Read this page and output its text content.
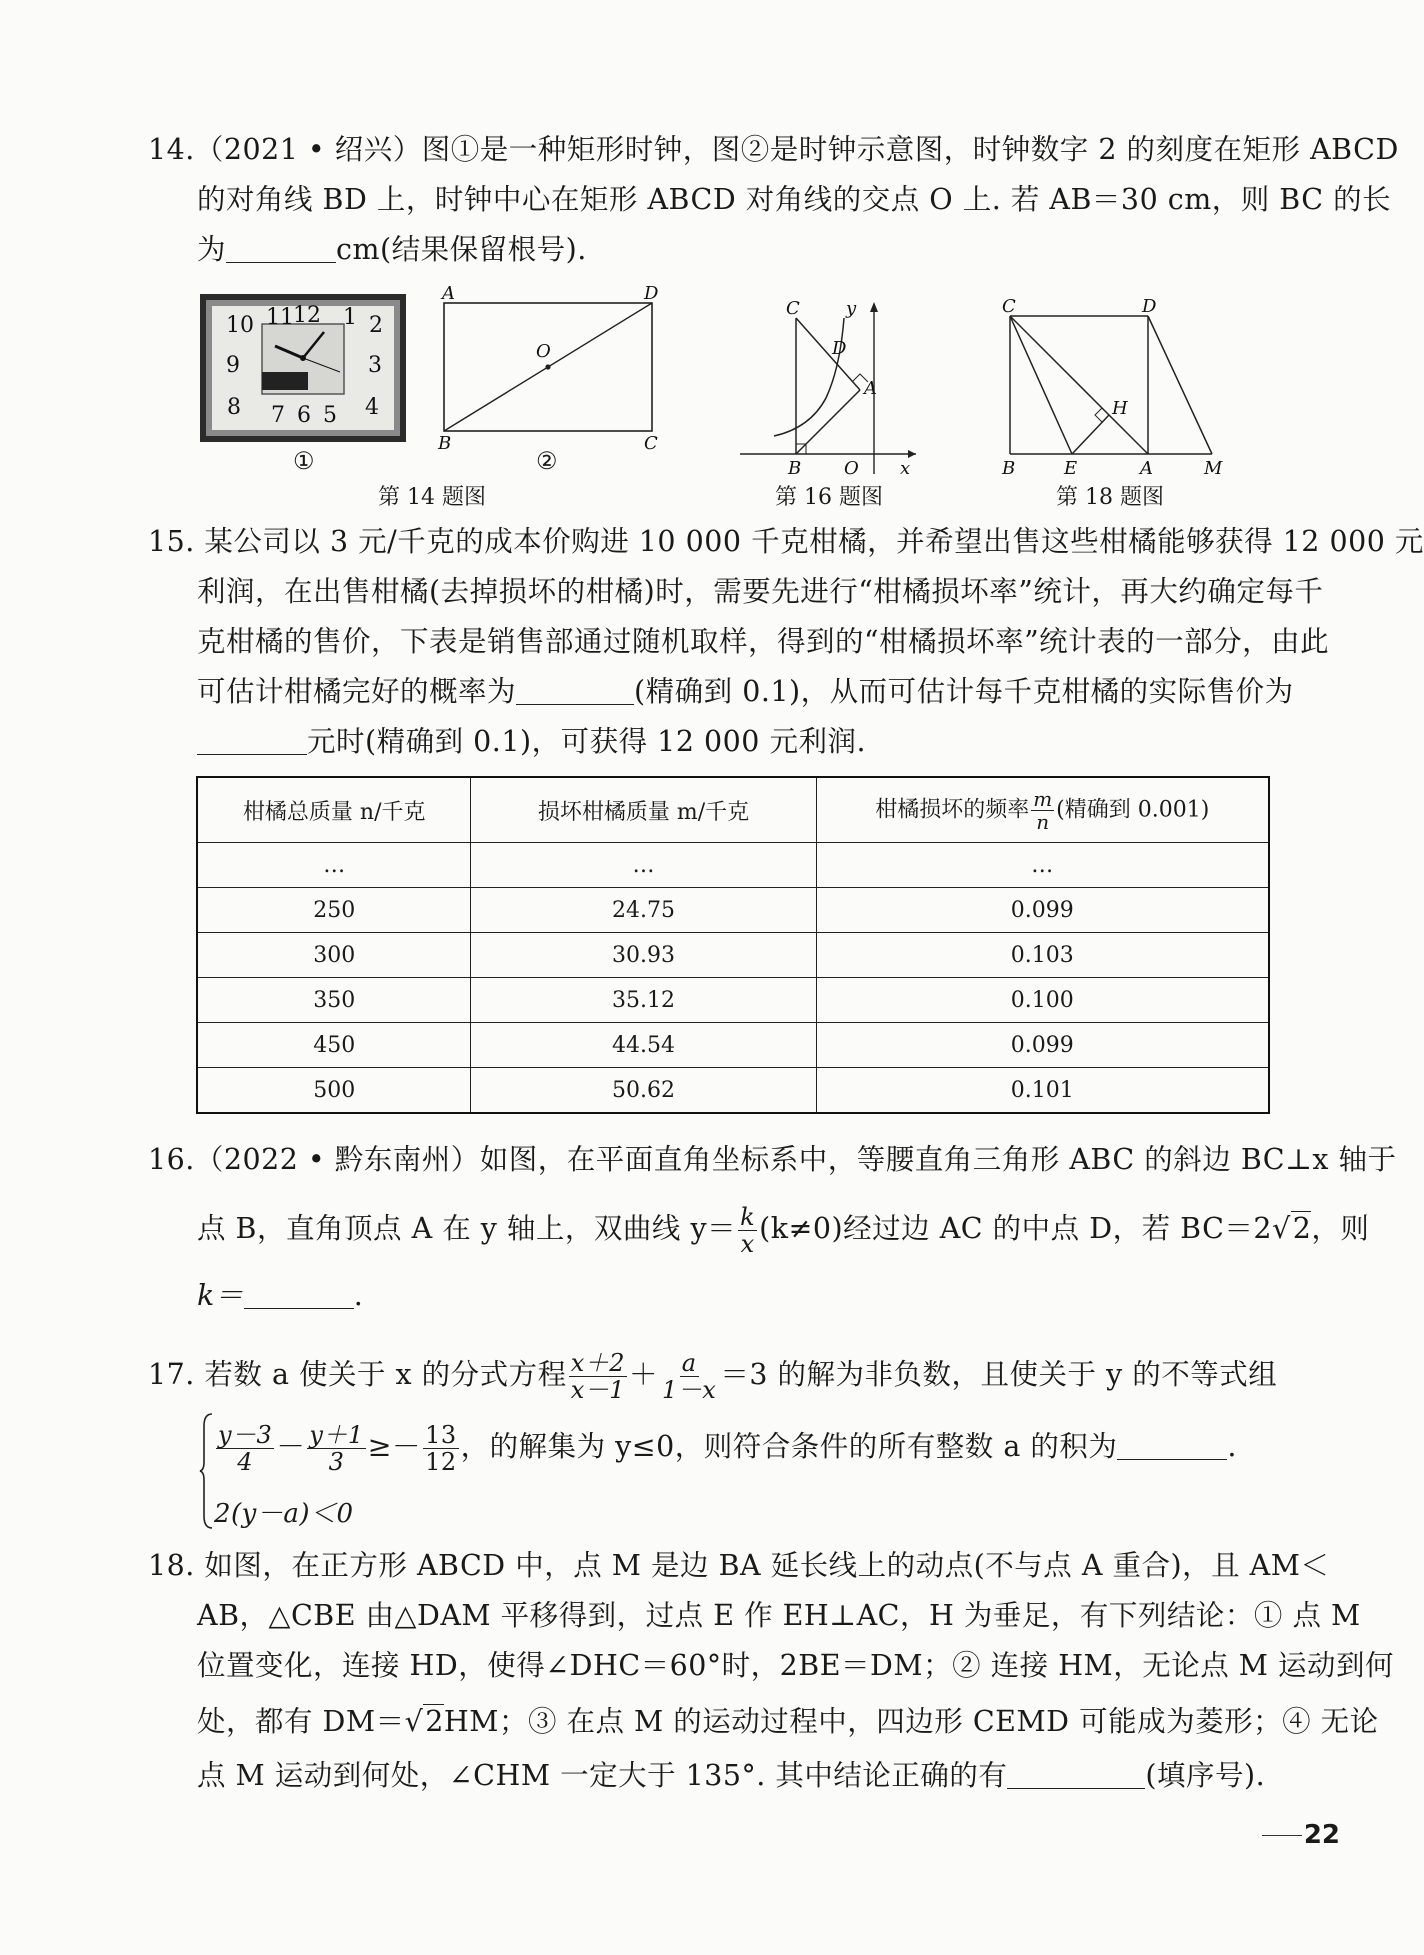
14.（2021 • 绍兴）图①是一种矩形时钟，图②是时钟示意图，时钟数字 2 的刻度在矩形 ABCD
的对角线 BD 上，时钟中心在矩形 ABCD 对角线的交点 O 上. 若 AB＝30 cm，则 BC 的长
为	cm(结果保留根号).
10 11 12 1 2
9	3
8 7 6 5 4
①
A	D
O
B	C
②
第 14 题图
C	y
D
A
B O x
第 16 题图
C	D
H
B	E	A	M
第 18 题图
15. 某公司以 3 元/千克的成本价购进 10 000 千克柑橘，并希望出售这些柑橘能够获得 12 000 元
利润，在出售柑橘(去掉损坏的柑橘)时，需要先进行“柑橘损坏率”统计，再大约确定每千
克柑橘的售价，下表是销售部通过随机取样，得到的“柑橘损坏率”统计表的一部分，由此
可估计柑橘完好的概率为	(精确到 0.1)，从而可估计每千克柑橘的实际售价为
元时(精确到 0.1)，可获得 12 000 元利润.
柑橘总质量 n/千克	损坏柑橘质量 m/千克	柑橘损坏的频率 $\frac{m}{n}$ (精确到 0.001)
…	…	…
250	24.75	0.099
300	30.93	0.103
350	35.12	0.100
450	44.54	0.099
500	50.62	0.101
16.（2022 • 黔东南州）如图，在平面直角坐标系中，等腰直角三角形 ABC 的斜边 BC⊥x 轴于
点 B，直角顶点 A 在 y 轴上，双曲线 $y= \frac{k}{x} (k\ne 0)$经过边 AC 的中点 D，若 BC＝2√2，则
k＝	.
17. 若数 a 使关于 x 的分式方程 $\frac{x+2}{x-1} + \frac{a}{1-x} =3$ 的解为非负数，且使关于 y 的不等式组
$\frac{y-3}{4} - \frac{y+1}{3} \ge- \frac{13}{12}$ ，的解集为 y≤0，则符合条件的所有整数 a 的积为	.
2(y－a)＜0
18. 如图，在正方形 ABCD 中，点 M 是边 BA 延长线上的动点(不与点 A 重合)，且 AM＜
AB，△CBE 由△DAM 平移得到，过点 E 作 EH⊥AC，H 为垂足，有下列结论：① 点 M
位置变化，连接 HD，使得∠DHC＝60°时，2BE＝DM；② 连接 HM，无论点 M 运动到何
处，都有 DM＝√2HM；③ 在点 M 的运动过程中，四边形 CEMD 可能成为菱形；④ 无论
点 M 运动到何处，∠CHM 一定大于 135°. 其中结论正确的有	(填序号).
22
